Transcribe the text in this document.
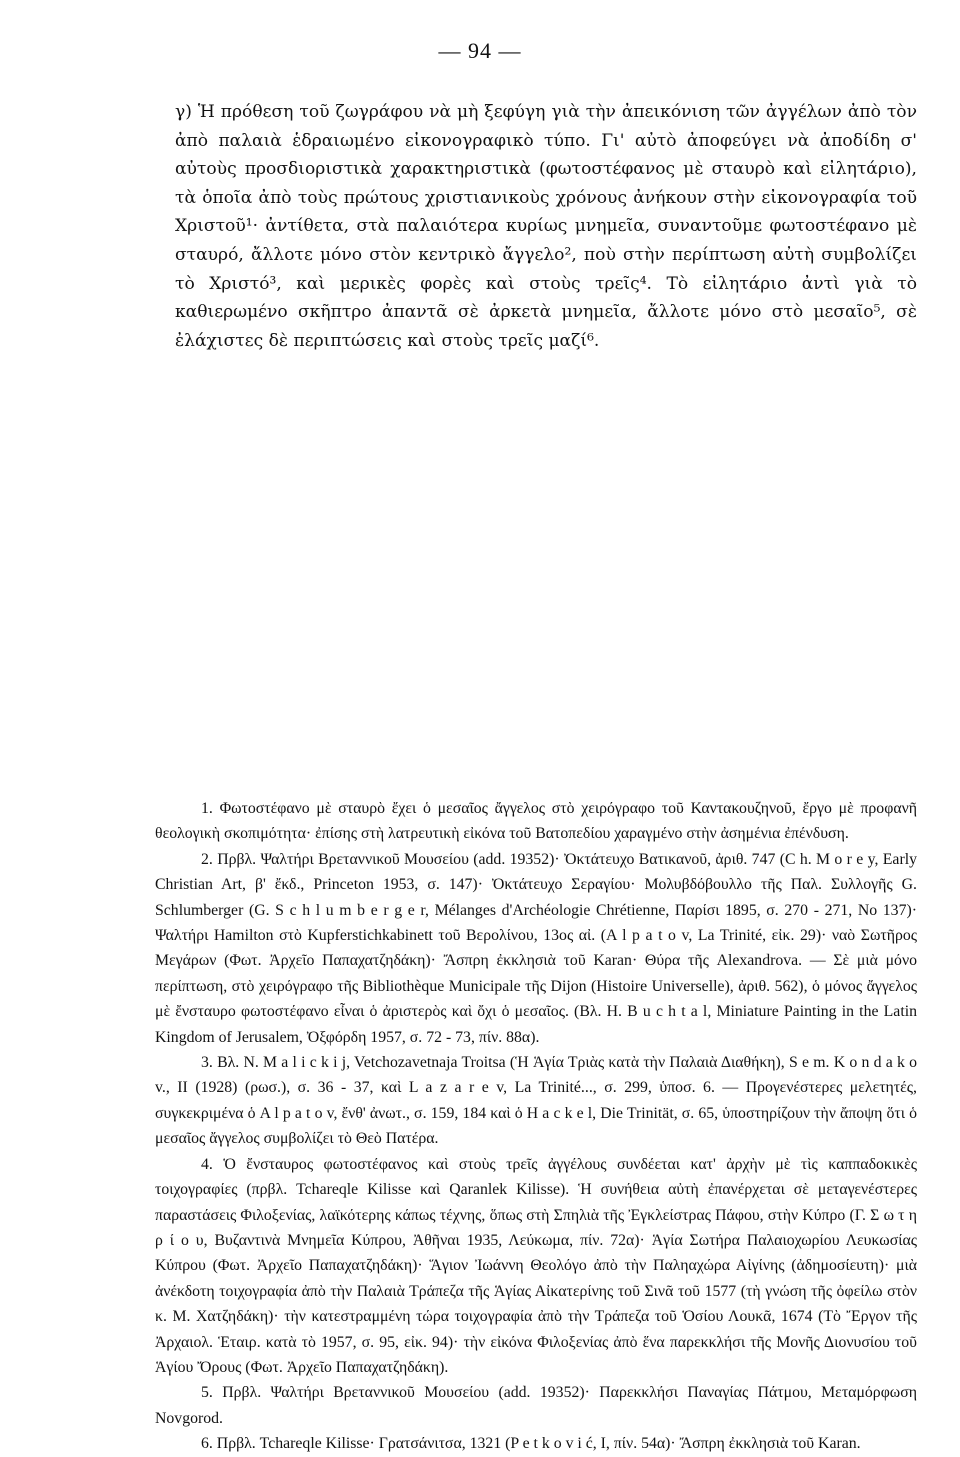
— 94 —
γ) Ἡ πρόθεση τοῦ ζωγράφου νὰ μὴ ξεφύγη γιὰ τὴν ἀπεικόνιση τῶν ἀγγέλων ἀπὸ τὸν ἀπὸ παλαιὰ ἑδραιωμένο εἰκονογραφικὸ τύπο. Γι' αὐτὸ ἀποφεύγει νὰ ἀποδίδη σ' αὐτοὺς προσδιοριστικὰ χαρακτηριστικὰ (φωτοστέφανος μὲ σταυρὸ καὶ εἰλητάριο), τὰ ὁποῖα ἀπὸ τοὺς πρώτους χριστιανικοὺς χρόνους ἀνήκουν στὴν εἰκονογραφία τοῦ Χριστοῦ¹· ἀντίθετα, στὰ παλαιότερα κυρίως μνημεῖα, συναντοῦμε φωτοστέφανο μὲ σταυρό, ἄλλοτε μόνο στὸν κεντρικὸ ἄγγελο², ποὺ στὴν περίπτωση αὐτὴ συμβολίζει τὸ Χριστό³, καὶ μερικὲς φορὲς καὶ στοὺς τρεῖς⁴. Τὸ εἰλητάριο ἀντὶ γιὰ τὸ καθιερωμένο σκῆπτρο ἀπαντᾶ σὲ ἀρκετὰ μνημεῖα, ἄλλοτε μόνο στὸ μεσαῖο⁵, σὲ ἐλάχιστες δὲ περιπτώσεις καὶ στοὺς τρεῖς μαζί⁶.

1. Φωτοστέφανο μὲ σταυρὸ ἔχει ὁ μεσαῖος ἄγγελος στὸ χειρόγραφο τοῦ Καντακουζηνοῦ, ἔργο μὲ προφανῆ θεολογικὴ σκοπιμότητα· ἐπίσης στὴ λατρευτικὴ εἰκόνα τοῦ Βατοπεδίου χαραγμένο στὴν ἀσημένια ἐπένδυση.

2. Πρβλ. Ψαλτήρι Βρεταννικοῦ Μουσείου (add. 19352)· Ὀκτάτευχο Βατικανοῦ, ἀριθ. 747 (C h. M o r e y, Early Christian Art, β' ἔκδ., Princeton 1953, σ. 147)· Ὀκτάτευχο Σεραγίου· Μολυβδόβουλλο τῆς Παλ. Συλλογῆς G. Schlumberger (G. S c h l u m b e r g e r, Mélanges d'Archéologie Chrétienne, Παρίσι 1895, σ. 270 - 271, Νο 137)· Ψαλτήρι Hamilton στὸ Kupferstichkabinett τοῦ Βερολίνου, 13ος αἰ. (A l p a t o v, La Trinité, εἰκ. 29)· ναὸ Σωτῆρος Μεγάρων (Φωτ. Ἀρχεῖο Παπαχατζηδάκη)· Ἄσπρη ἐκκλησιὰ τοῦ Karan· Θύρα τῆς Alexandrova. — Σὲ μιὰ μόνο περίπτωση, στὸ χειρόγραφο τῆς Bibliothèque Municipale τῆς Dijon (Histoire Universelle), ἀριθ. 562), ὁ μόνος ἄγγελος μὲ ἔνσταυρο φωτοστέφανο εἶναι ὁ ἀριστερὸς καὶ ὄχι ὁ μεσαῖος. (Βλ. Η. B u c h t a l, Miniature Painting in the Latin Kingdom of Jerusalem, Ὀξφόρδη 1957, σ. 72 - 73, πίν. 88α).

3. Βλ. Ν. M a l i c k i j, Vetchozavetnaja Troitsa (Ἡ Ἁγία Τριὰς κατὰ τὴν Παλαιὰ Διαθήκη), S e m. K o n d a k o v., II (1928) (ρωσ.), σ. 36 - 37, καὶ L a z a r e v, La Trinité..., σ. 299, ὑποσ. 6. — Προγενέστερες μελετητές, συγκεκριμένα ὁ A l p a t o v, ἔνθ' ἀνωτ., σ. 159, 184 καὶ ὁ H a c k e l, Die Trinität, σ. 65, ὑποστηρίζουν τὴν ἄποψη ὅτι ὁ μεσαῖος ἄγγελος συμβολίζει τὸ Θεὸ Πατέρα.

4. Ὁ ἔνσταυρος φωτοστέφανος καὶ στοὺς τρεῖς ἀγγέλους συνδέεται κατ' ἀρχὴν μὲ τὶς καππαδοκικὲς τοιχογραφίες (πρβλ. Tchareqle Kilisse καὶ Qaranlek Kilisse). Ἡ συνήθεια αὐτὴ ἐπανέρχεται σὲ μεταγενέστερες παραστάσεις Φιλοξενίας, λαϊκότερης κάπως τέχνης, ὅπως στὴ Σπηλιὰ τῆς Ἐγκλείστρας Πάφου, στὴν Κύπρο (Γ. Σ ω τ η ρ ί ο υ, Βυζαντινὰ Μνημεῖα Κύπρου, Ἀθῆναι 1935, Λεύκωμα, πίν. 72α)· Ἁγία Σωτήρα Παλαιοχωρίου Λευκωσίας Κύπρου (Φωτ. Ἀρχεῖο Παπαχατζηδάκη)· Ἅγιον Ἰωάννη Θεολόγο ἀπὸ τὴν Παληαχώρα Αἰγίνης (ἀδημοσίευτη)· μιὰ ἀνέκδοτη τοιχογραφία ἀπὸ τὴν Παλαιὰ Τράπεζα τῆς Ἁγίας Αἰκατερίνης τοῦ Σινᾶ τοῦ 1577 (τὴ γνώση τῆς ὀφείλω στὸν κ. Μ. Χατζηδάκη)· τὴν κατεστραμμένη τώρα τοιχογραφία ἀπὸ τὴν Τράπεζα τοῦ Ὁσίου Λουκᾶ, 1674 (Τὸ Ἔργον τῆς Ἀρχαιολ. Ἑταιρ. κατὰ τὸ 1957, σ. 95, εἰκ. 94)· τὴν εἰκόνα Φιλοξενίας ἀπὸ ἕνα παρεκκλήσι τῆς Μονῆς Διονυσίου τοῦ Ἁγίου Ὄρους (Φωτ. Ἀρχεῖο Παπαχατζηδάκη).

5. Πρβλ. Ψαλτήρι Βρεταννικοῦ Μουσείου (add. 19352)· Παρεκκλήσι Παναγίας Πάτμου, Μεταμόρφωση Novgorod.

6. Πρβλ. Tchareqle Kilisse· Γρατσάνιτσα, 1321 (P e t k o v i ć, I, πίν. 54α)· Ἄσπρη ἐκκλησιὰ τοῦ Karan.
